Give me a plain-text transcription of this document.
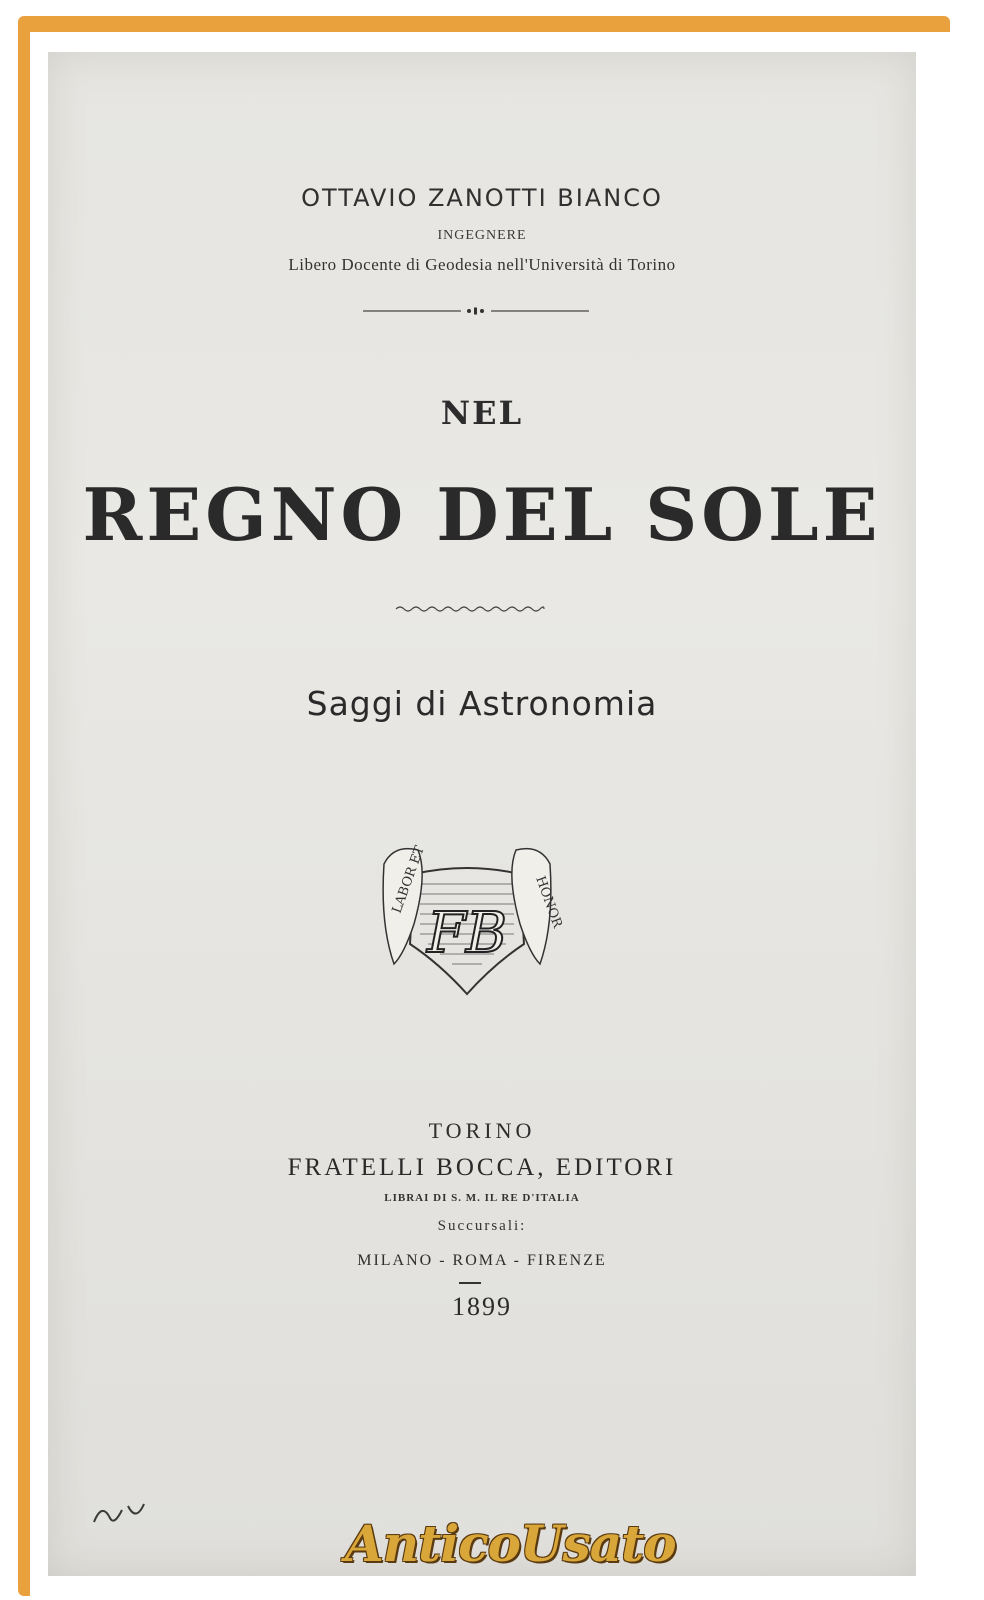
OTTAVIO ZANOTTI BIANCO
INGEGNERE
Libero Docente di Geodesia nell'Università di Torino
NEL
REGNO DEL SOLE
Saggi di Astronomia
LABOR ET	HONOR
FB
TORINO
FRATELLI BOCCA, EDITORI
LIBRAI DI S. M. IL RE D'ITALIA
Succursali:
MILANO - ROMA - FIRENZE
1899
AnticoUsato
